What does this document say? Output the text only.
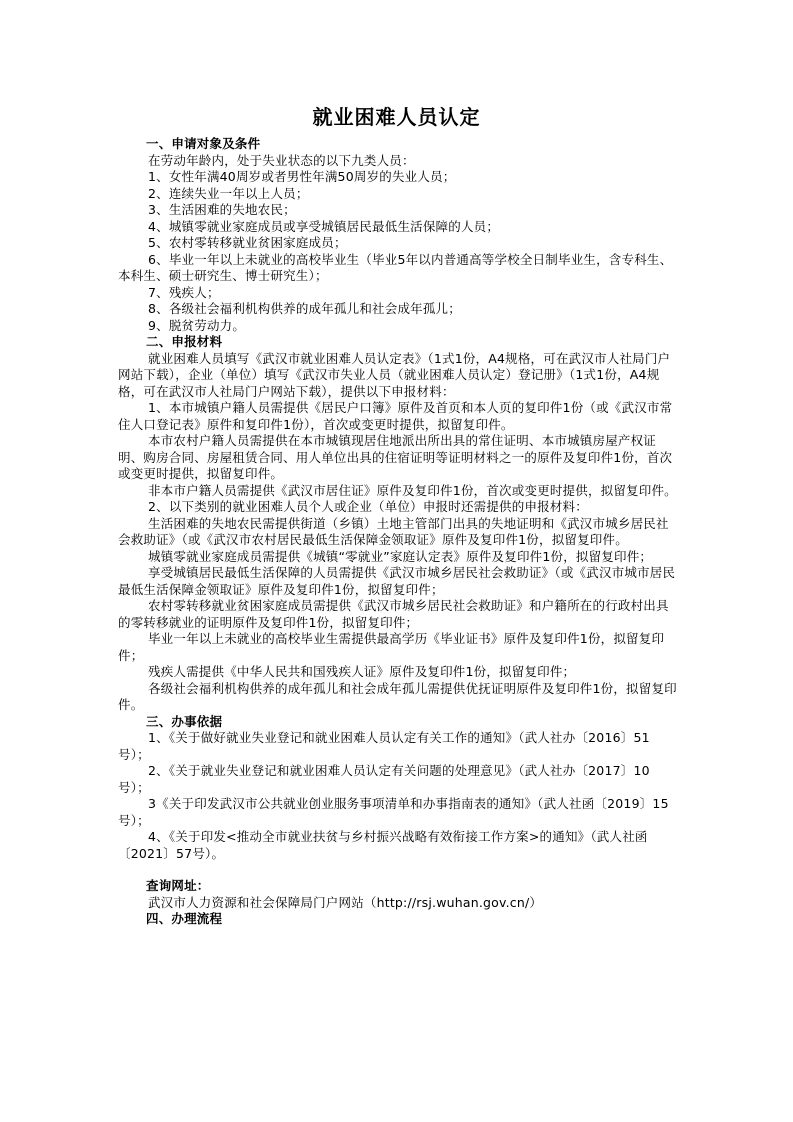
就业困难人员认定

一、申请对象及条件

在劳动年龄内，处于失业状态的以下九类人员：

1、女性年满40周岁或者男性年满50周岁的失业人员；

2、连续失业一年以上人员；

3、生活困难的失地农民；

4、城镇零就业家庭成员或享受城镇居民最低生活保障的人员；

5、农村零转移就业贫困家庭成员；

6、毕业一年以上未就业的高校毕业生（毕业5年以内普通高等学校全日制毕业生，含专科生、本科生、硕士研究生、博士研究生）；

7、残疾人；

8、各级社会福利机构供养的成年孤儿和社会成年孤儿；

9、脱贫劳动力。

二、申报材料

就业困难人员填写《武汉市就业困难人员认定表》（1式1份，A4规格，可在武汉市人社局门户网站下载），企业（单位）填写《武汉市失业人员（就业困难人员认定）登记册》（1式1份，A4规格，可在武汉市人社局门户网站下载），提供以下申报材料：

1、本市城镇户籍人员需提供《居民户口簿》原件及首页和本人页的复印件1份（或《武汉市常住人口登记表》原件和复印件1份），首次或变更时提供，拟留复印件。

本市农村户籍人员需提供在本市城镇现居住地派出所出具的常住证明、本市城镇房屋产权证明、购房合同、房屋租赁合同、用人单位出具的住宿证明等证明材料之一的原件及复印件1份，首次或变更时提供，拟留复印件。

非本市户籍人员需提供《武汉市居住证》原件及复印件1份，首次或变更时提供，拟留复印件。

2、以下类别的就业困难人员个人或企业（单位）申报时还需提供的申报材料：

生活困难的失地农民需提供街道（乡镇）土地主管部门出具的失地证明和《武汉市城乡居民社会救助证》（或《武汉市农村居民最低生活保障金领取证》原件及复印件1份，拟留复印件。

城镇零就业家庭成员需提供《城镇“零就业”家庭认定表》原件及复印件1份，拟留复印件；

享受城镇居民最低生活保障的人员需提供《武汉市城乡居民社会救助证》（或《武汉市城市居民最低生活保障金领取证》原件及复印件1份，拟留复印件；

农村零转移就业贫困家庭成员需提供《武汉市城乡居民社会救助证》和户籍所在的行政村出具的零转移就业的证明原件及复印件1份，拟留复印件；

毕业一年以上未就业的高校毕业生需提供最高学历《毕业证书》原件及复印件1份，拟留复印件；

残疾人需提供《中华人民共和国残疾人证》原件及复印件1份，拟留复印件；

各级社会福利机构供养的成年孤儿和社会成年孤儿需提供优抚证明原件及复印件1份，拟留复印件。

三、办事依据

1、《关于做好就业失业登记和就业困难人员认定有关工作的通知》（武人社办〔2016〕51号）；

2、《关于就业失业登记和就业困难人员认定有关问题的处理意见》（武人社办〔2017〕10号）；

3《关于印发武汉市公共就业创业服务事项清单和办事指南表的通知》（武人社函〔2019〕15号）；

4、《关于印发<推动全市就业扶贫与乡村振兴战略有效衔接工作方案>的通知》（武人社函〔2021〕57号）。

查询网址：

武汉市人力资源和社会保障局门户网站（http://rsj.wuhan.gov.cn/）

四、办理流程
